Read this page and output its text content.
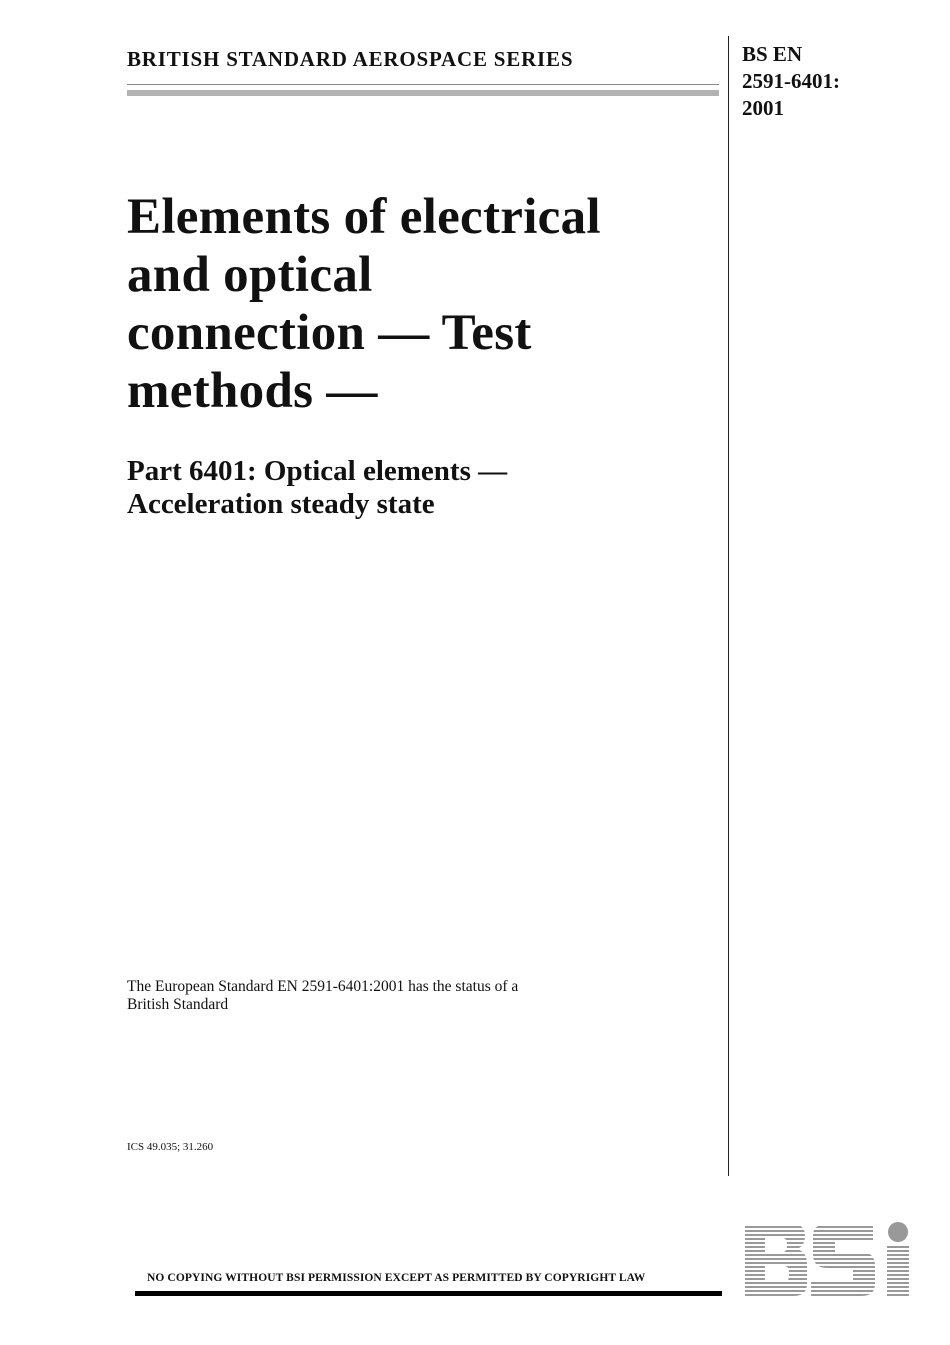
BRITISH STANDARD AEROSPACE SERIES	BS EN
2591-6401:
2001
Elements of electrical
and optical
connection — Test
methods —
Part 6401: Optical elements —
Acceleration steady state
The European Standard EN 2591-6401:2001 has the status of a
British Standard
ICS 49.035; 31.260
NO COPYING WITHOUT BSI PERMISSION EXCEPT AS PERMITTED BY COPYRIGHT LAW
